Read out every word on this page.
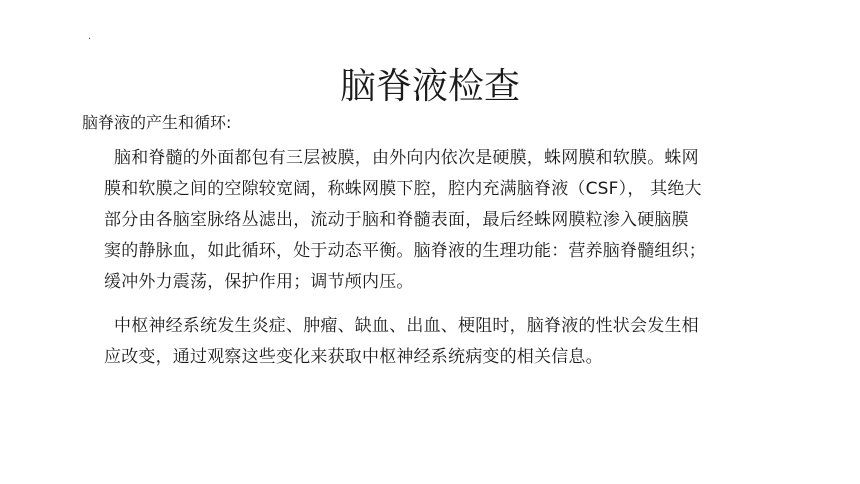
.
脑脊液检查
脑脊液的产生和循环:
脑和脊髓的外面都包有三层被膜，由外向内依次是硬膜，蛛网膜和软膜。蛛网
膜和软膜之间的空隙较宽阔，称蛛网膜下腔，腔内充满脑脊液（CSF）， 其绝大
部分由各脑室脉络丛滤出，流动于脑和脊髓表面，最后经蛛网膜粒渗入硬脑膜
窦的静脉血，如此循环，处于动态平衡。脑脊液的生理功能：营养脑脊髓组织；
缓冲外力震荡，保护作用；调节颅内压。
中枢神经系统发生炎症、肿瘤、缺血、出血、梗阻时，脑脊液的性状会发生相
应改变，通过观察这些变化来获取中枢神经系统病变的相关信息。
